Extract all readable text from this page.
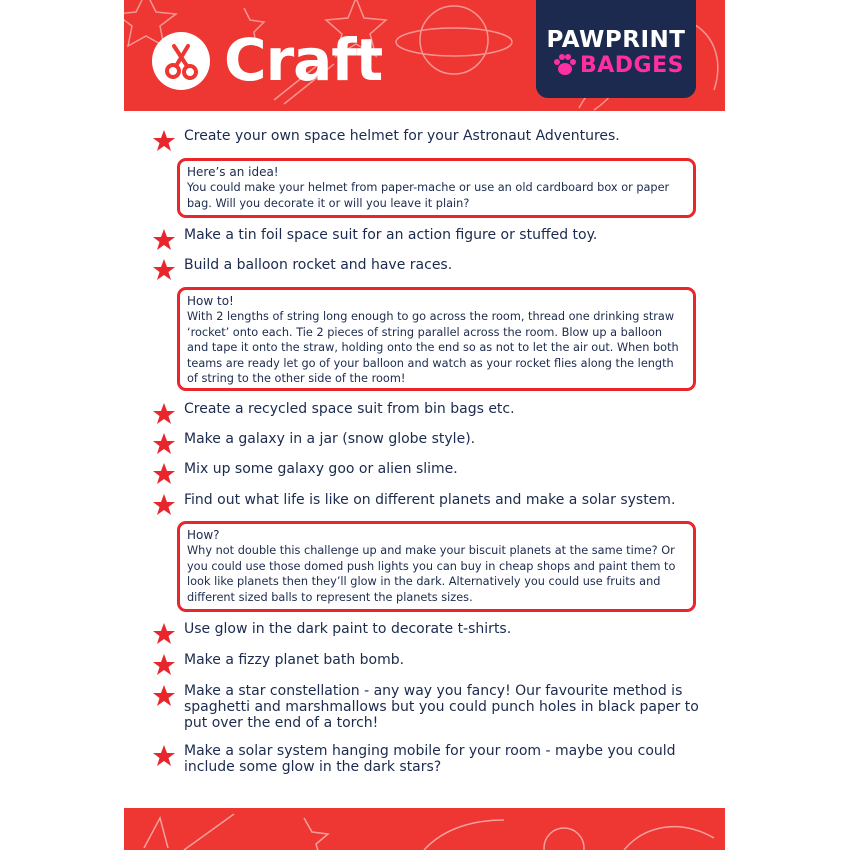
Craft	PAWPRINT
BADGES
Create your own space helmet for your Astronaut Adventures.
Here’s an idea!
You could make your helmet from paper-mache or use an old cardboard box or paper bag. Will you decorate it or will you leave it plain?
Make a tin foil space suit for an action figure or stuffed toy.
Build a balloon rocket and have races.
How to!
With 2 lengths of string long enough to go across the room, thread one drinking straw ‘rocket’ onto each. Tie 2 pieces of string parallel across the room. Blow up a balloon and tape it onto the straw, holding onto the end so as not to let the air out. When both teams are ready let go of your balloon and watch as your rocket flies along the length of string to the other side of the room!
Create a recycled space suit from bin bags etc.
Make a galaxy in a jar (snow globe style).
Mix up some galaxy goo or alien slime.
Find out what life is like on different planets and make a solar system.
How?
Why not double this challenge up and make your biscuit planets at the same time? Or you could use those domed push lights you can buy in cheap shops and paint them to look like planets then they’ll glow in the dark. Alternatively you could use fruits and different sized balls to represent the planets sizes.
Use glow in the dark paint to decorate t-shirts.
Make a fizzy planet bath bomb.
Make a star constellation - any way you fancy! Our favourite method is spaghetti and marshmallows but you could punch holes in black paper to put over the end of a torch!
Make a solar system hanging mobile for your room - maybe you could include some glow in the dark stars?
